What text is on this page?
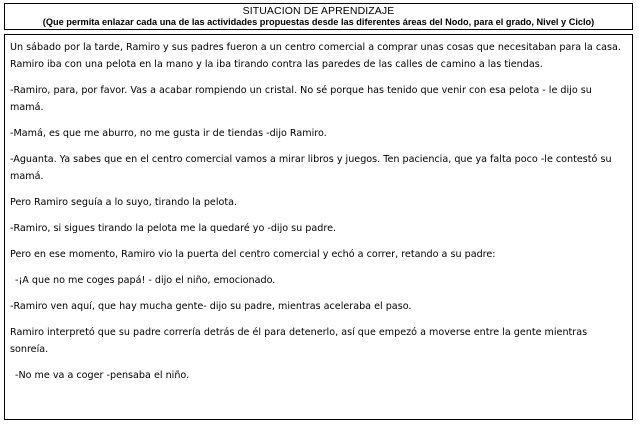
SITUACION DE APRENDIZAJE
(Que permita enlazar cada una de las actividades propuestas desde las diferentes áreas del Nodo, para el grado, Nivel y Ciclo)

Un sábado por la tarde, Ramiro y sus padres fueron a un centro comercial a comprar unas cosas que necesitaban para la casa. Ramiro iba con una pelota en la mano y la iba tirando contra las paredes de las calles de camino a las tiendas.

-Ramiro, para, por favor. Vas a acabar rompiendo un cristal. No sé porque has tenido que venir con esa pelota - le dijo su mamá.

-Mamá, es que me aburro, no me gusta ir de tiendas -dijo Ramiro.

-Aguanta. Ya sabes que en el centro comercial vamos a mirar libros y juegos. Ten paciencia, que ya falta poco -le contestó su mamá.

Pero Ramiro seguía a lo suyo, tirando la pelota.

-Ramiro, si sigues tirando la pelota me la quedaré yo -dijo su padre.

Pero en ese momento, Ramiro vio la puerta del centro comercial y echó a correr, retando a su padre:

-¡A que no me coges papá! - dijo el niño, emocionado.

-Ramiro ven aquí, que hay mucha gente- dijo su padre, mientras aceleraba el paso.

Ramiro interpretó que su padre correría detrás de él para detenerlo, así que empezó a moverse entre la gente mientras sonreía.

-No me va a coger -pensaba el niño.
